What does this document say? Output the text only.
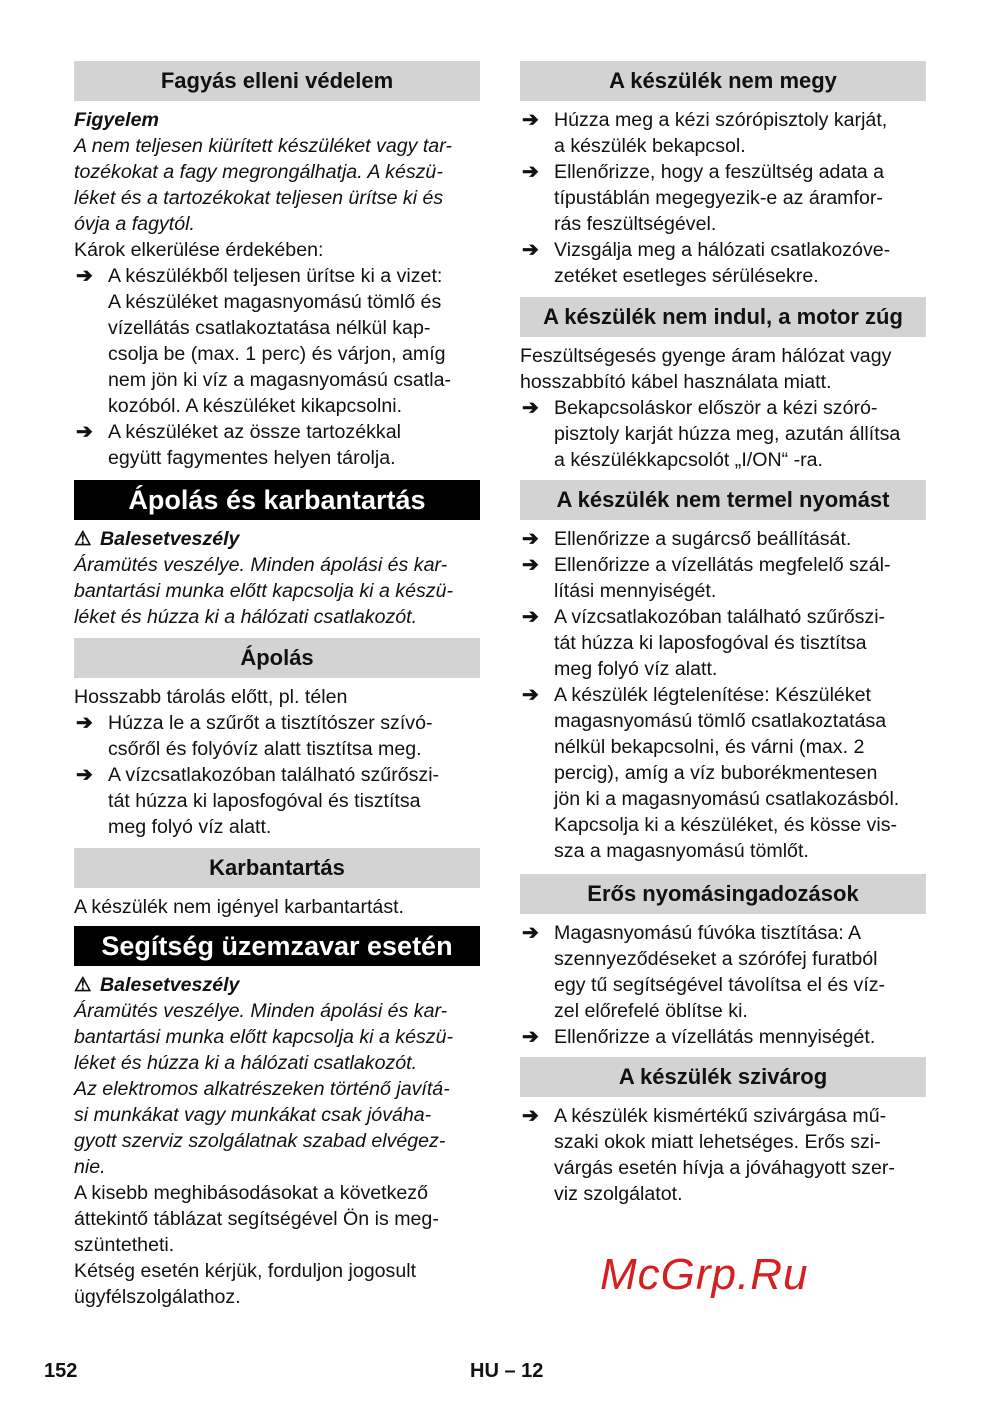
Fagyás elleni védelem
Figyelem
A nem teljesen kiürített készüléket vagy tar-
tozékokat a fagy megrongálhatja. A készü-
léket és a tartozékokat teljesen ürítse ki és
óvja a fagytól.
Károk elkerülése érdekében:
➔ A készülékből teljesen ürítse ki a vizet:
A készüléket magasnyomású tömlő és
vízellátás csatlakoztatása nélkül kap-
csolja be (max. 1 perc) és várjon, amíg
nem jön ki víz a magasnyomású csatla-
kozóból. A készüléket kikapcsolni.
➔ A készüléket az össze tartozékkal
együtt fagymentes helyen tárolja.
Ápolás és karbantartás
⚠ Balesetveszély
Áramütés veszélye. Minden ápolási és kar-
bantartási munka előtt kapcsolja ki a készü-
léket és húzza ki a hálózati csatlakozót.
Ápolás
Hosszabb tárolás előtt, pl. télen
➔ Húzza le a szűrőt a tisztítószer szívó-
csőről és folyóvíz alatt tisztítsa meg.
➔ A vízcsatlakozóban található szűrőszi-
tát húzza ki laposfogóval és tisztítsa
meg folyó víz alatt.
Karbantartás
A készülék nem igényel karbantartást.
Segítség üzemzavar esetén
⚠ Balesetveszély
Áramütés veszélye. Minden ápolási és kar-
bantartási munka előtt kapcsolja ki a készü-
léket és húzza ki a hálózati csatlakozót.
Az elektromos alkatrészeken történő javítá-
si munkákat vagy munkákat csak jóváha-
gyott szerviz szolgálatnak szabad elvégez-
nie.
A kisebb meghibásodásokat a következő
áttekintő táblázat segítségével Ön is meg-
szüntetheti.
Kétség esetén kérjük, forduljon jogosult
ügyfélszolgálathoz.
A készülék nem megy
➔ Húzza meg a kézi szórópisztoly karját,
a készülék bekapcsol.
➔ Ellenőrizze, hogy a feszültség adata a
típustáblán megegyezik-e az áramfor-
rás feszültségével.
➔ Vizsgálja meg a hálózati csatlakozóve-
zetéket esetleges sérülésekre.
A készülék nem indul, a motor zúg
Feszültségesés gyenge áram hálózat vagy
hosszabbító kábel használata miatt.
➔ Bekapcsoláskor először a kézi szóró-
pisztoly karját húzza meg, azután állítsa
a készülékkapcsolót „I/ON“ -ra.
A készülék nem termel nyomást
➔ Ellenőrizze a sugárcső beállítását.
➔ Ellenőrizze a vízellátás megfelelő szál-
lítási mennyiségét.
➔ A vízcsatlakozóban található szűrőszi-
tát húzza ki laposfogóval és tisztítsa
meg folyó víz alatt.
➔ A készülék légtelenítése: Készüléket
magasnyomású tömlő csatlakoztatása
nélkül bekapcsolni, és várni (max. 2
percig), amíg a víz buborékmentesen
jön ki a magasnyomású csatlakozásból.
Kapcsolja ki a készüléket, és kösse vis-
sza a magasnyomású tömlőt.
Erős nyomásingadozások
➔ Magasnyomású fúvóka tisztítása: A
szennyeződéseket a szórófej furatból
egy tű segítségével távolítsa el és víz-
zel előrefelé öblítse ki.
➔ Ellenőrizze a vízellátás mennyiségét.
A készülék szivárog
➔ A készülék kismértékű szivárgása mű-
szaki okok miatt lehetséges. Erős szi-
várgás esetén hívja a jóváhagyott szer-
viz szolgálatot.
152	HU – 12
McGrp.Ru
